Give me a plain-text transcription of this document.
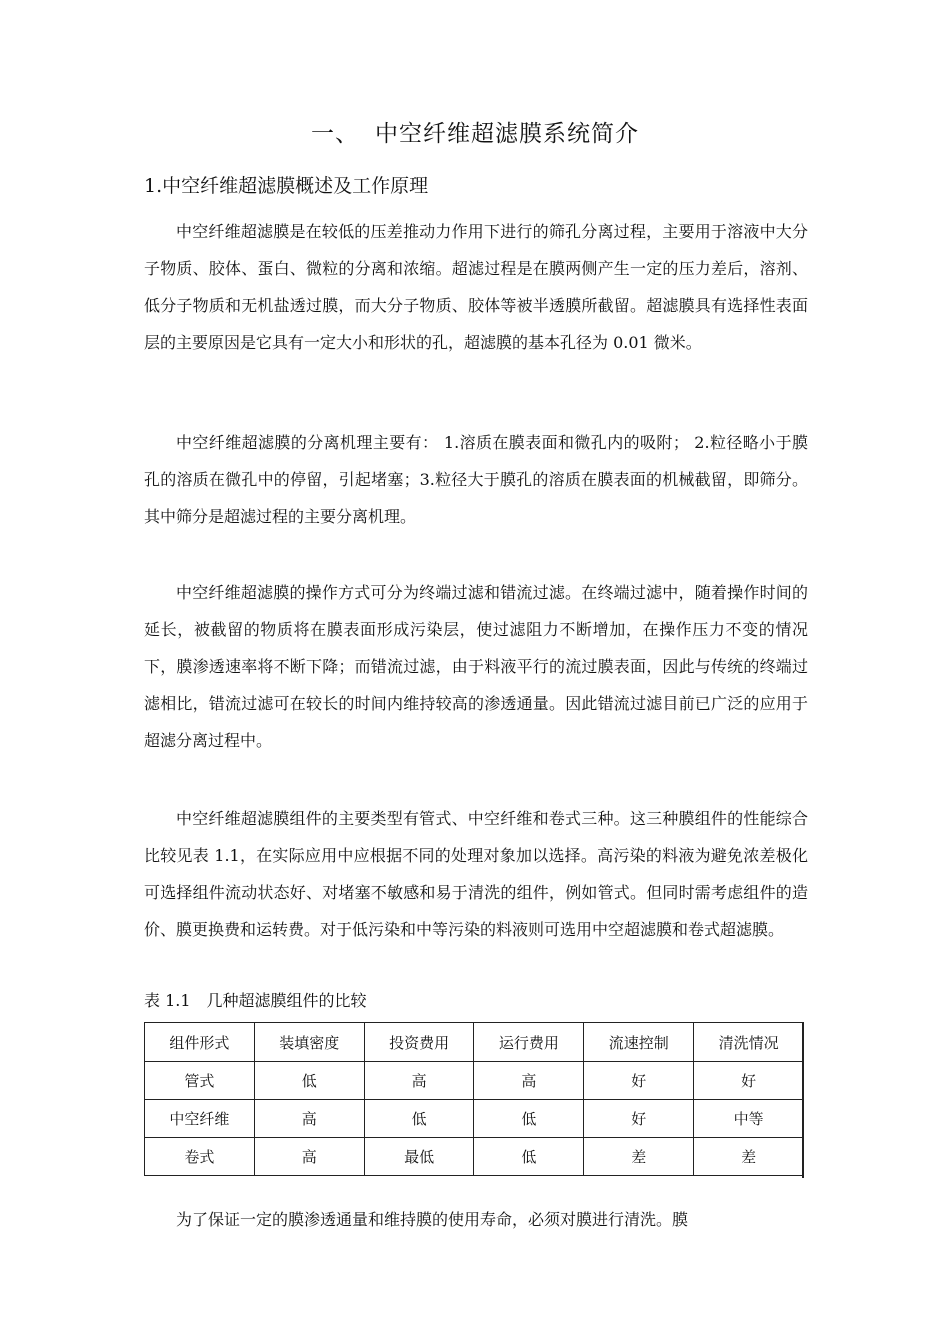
一、 中空纤维超滤膜系统简介
1.中空纤维超滤膜概述及工作原理

中空纤维超滤膜是在较低的压差推动力作用下进行的筛孔分离过程，主要用于溶液中大分子物质、胶体、蛋白、微粒的分离和浓缩。超滤过程是在膜两侧产生一定的压力差后，溶剂、低分子物质和无机盐透过膜，而大分子物质、胶体等被半透膜所截留。超滤膜具有选择性表面层的主要原因是它具有一定大小和形状的孔，超滤膜的基本孔径为 0.01 微米。

中空纤维超滤膜的分离机理主要有： 1.溶质在膜表面和微孔内的吸附； 2.粒径略小于膜孔的溶质在微孔中的停留，引起堵塞；3.粒径大于膜孔的溶质在膜表面的机械截留，即筛分。其中筛分是超滤过程的主要分离机理。

中空纤维超滤膜的操作方式可分为终端过滤和错流过滤。在终端过滤中，随着操作时间的延长，被截留的物质将在膜表面形成污染层，使过滤阻力不断增加，在操作压力不变的情况下，膜渗透速率将不断下降；而错流过滤，由于料液平行的流过膜表面，因此与传统的终端过滤相比，错流过滤可在较长的时间内维持较高的渗透通量。因此错流过滤目前已广泛的应用于超滤分离过程中。

中空纤维超滤膜组件的主要类型有管式、中空纤维和卷式三种。这三种膜组件的性能综合比较见表 1.1，在实际应用中应根据不同的处理对象加以选择。高污染的料液为避免浓差极化可选择组件流动状态好、对堵塞不敏感和易于清洗的组件，例如管式。但同时需考虑组件的造价、膜更换费和运转费。对于低污染和中等污染的料液则可选用中空超滤膜和卷式超滤膜。

表 1.1 几种超滤膜组件的比较
组件形式	装填密度	投资费用	运行费用	流速控制	清洗情况
管式	低	高	高	好	好
中空纤维	高	低	低	好	中等
卷式	高	最低	低	差	差

为了保证一定的膜渗透通量和维持膜的使用寿命，必须对膜进行清洗。膜
